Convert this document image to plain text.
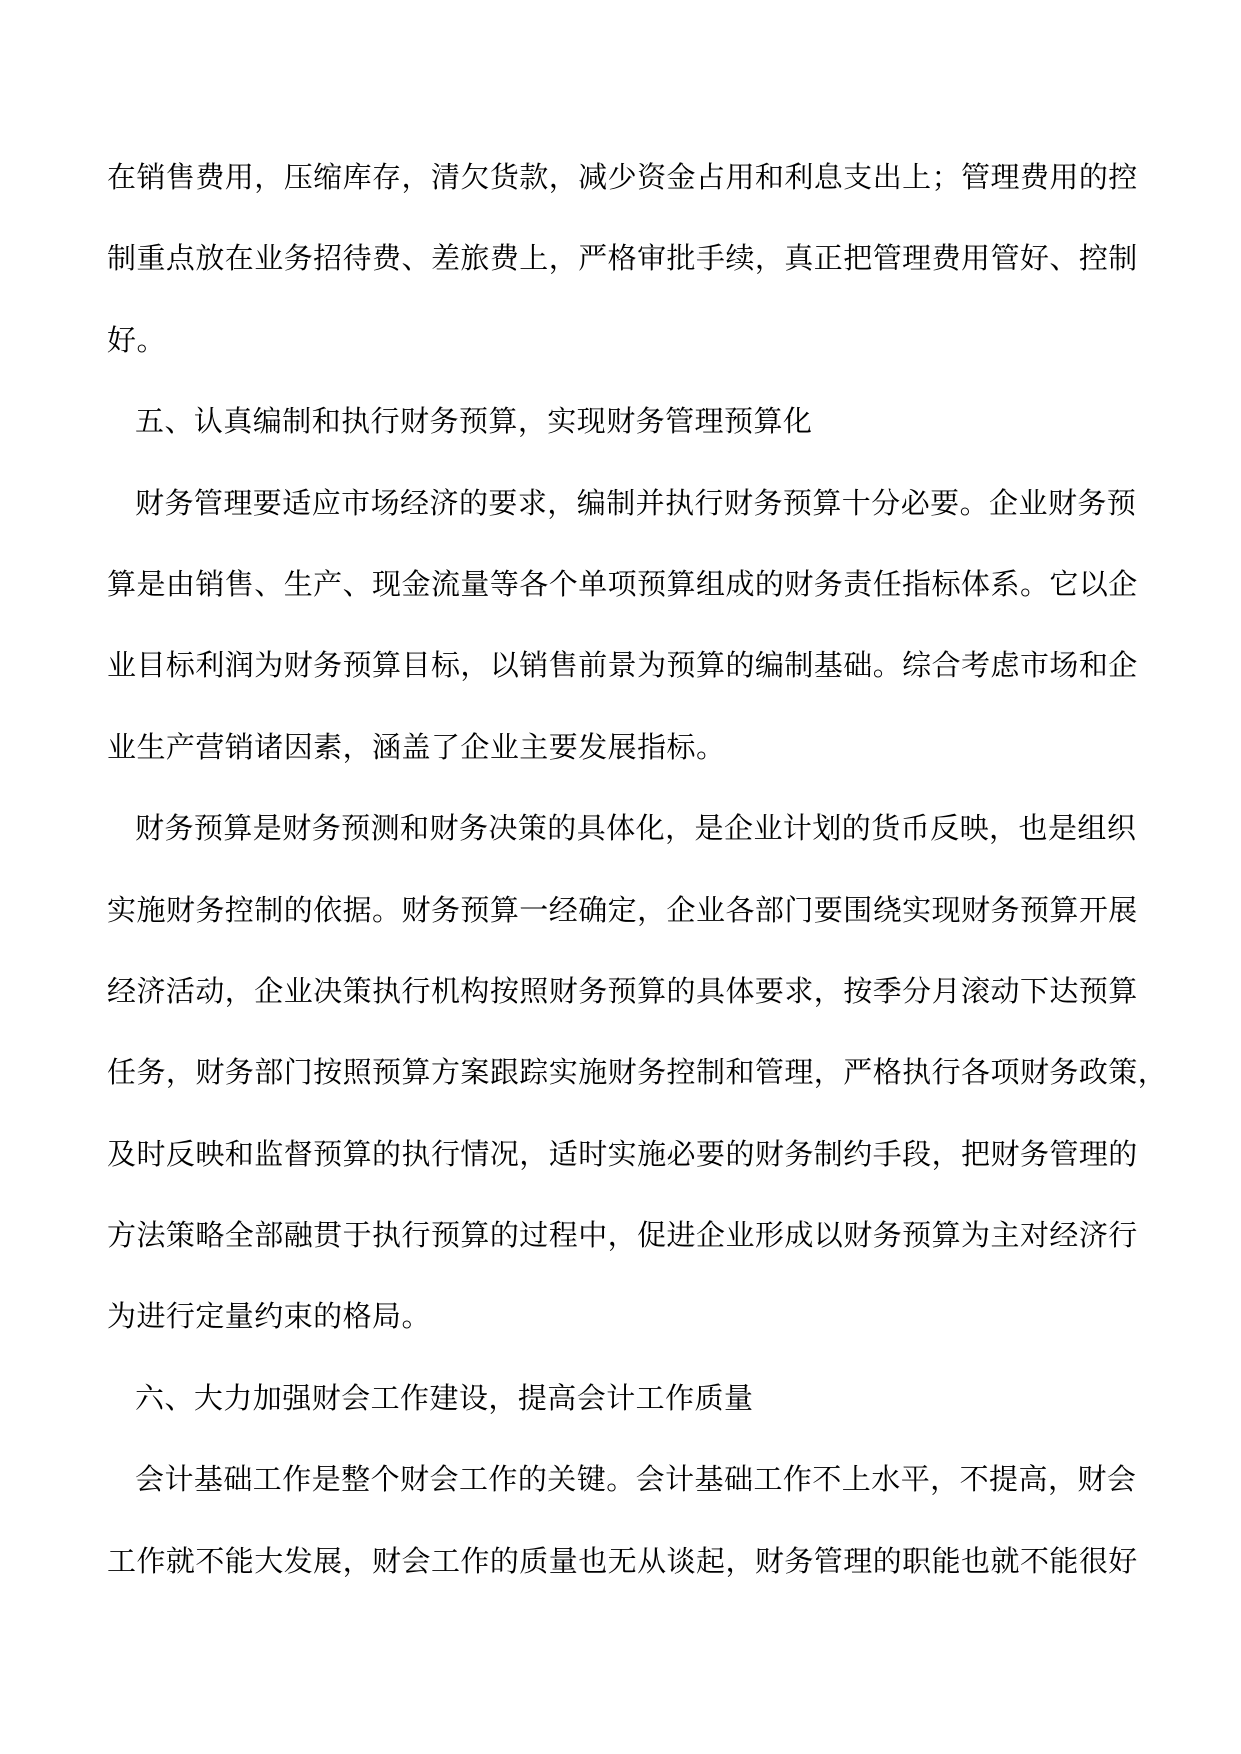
在销售费用，压缩库存，清欠货款，减少资金占用和利息支出上；管理费用的控
制重点放在业务招待费、差旅费上，严格审批手续，真正把管理费用管好、控制
好。
五、认真编制和执行财务预算，实现财务管理预算化
财务管理要适应市场经济的要求，编制并执行财务预算十分必要。企业财务预
算是由销售、生产、现金流量等各个单项预算组成的财务责任指标体系。它以企
业目标利润为财务预算目标，以销售前景为预算的编制基础。综合考虑市场和企
业生产营销诸因素，涵盖了企业主要发展指标。
财务预算是财务预测和财务决策的具体化，是企业计划的货币反映，也是组织
实施财务控制的依据。财务预算一经确定，企业各部门要围绕实现财务预算开展
经济活动，企业决策执行机构按照财务预算的具体要求，按季分月滚动下达预算
任务，财务部门按照预算方案跟踪实施财务控制和管理，严格执行各项财务政策，
及时反映和监督预算的执行情况，适时实施必要的财务制约手段，把财务管理的
方法策略全部融贯于执行预算的过程中，促进企业形成以财务预算为主对经济行
为进行定量约束的格局。
六、大力加强财会工作建设，提高会计工作质量
会计基础工作是整个财会工作的关键。会计基础工作不上水平，不提高，财会
工作就不能大发展，财会工作的质量也无从谈起，财务管理的职能也就不能很好
